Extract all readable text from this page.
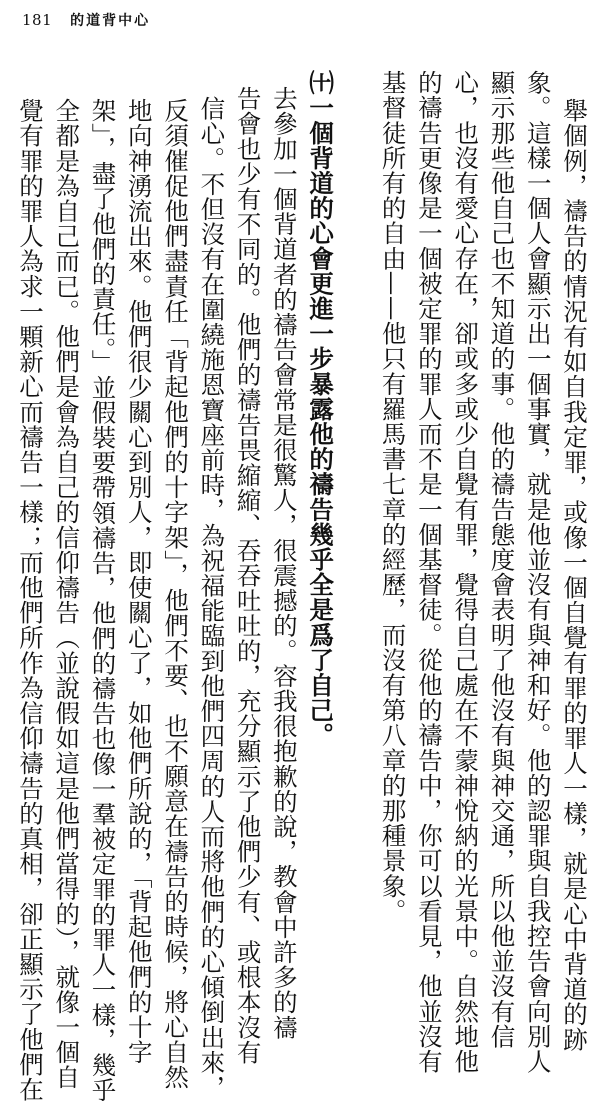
181 的道背中心
舉個例，禱告的情況有如自我定罪，或像一個自覺有罪的罪人一樣，就是心中背道的跡
象。這樣一個人會顯示出一個事實，就是他並沒有與神和好。他的認罪與自我控告會向別人
顯示那些他自己也不知道的事。他的禱告態度會表明了他沒有與神交通，所以他並沒有信
心，也沒有愛心存在，卻或多或少自覺有罪，覺得自己處在不蒙神悅納的光景中。自然地他
的禱告更像是一個被定罪的罪人而不是一個基督徒。從他的禱告中，你可以看見，他並沒有
基督徒所有的自由——他只有羅馬書七章的經歷，而沒有第八章的那種景象。
㈩一個背道的心會更進一步暴露他的禱告幾乎全是爲了自己。
去參加一個背道者的禱告會常是很驚人，很震撼的。容我很抱歉的說，教會中許多的禱
告會也少有不同的。他們的禱告畏縮縮、吞吞吐吐的，充分顯示了他們少有、或根本沒有
信心。不但沒有在圍繞施恩寶座前時，為祝福能臨到他們四周的人而將他們的心傾倒出來，
反須催促他們盡責任「背起他們的十字架」，他們不要、也不願意在禱告的時候，將心自然
地向神湧流出來。他們很少關心到別人，即使關心了，如他們所說的，「背起他們的十字
架」，盡了他們的責任。」並假裝要帶領禱告，他們的禱告也像一羣被定罪的罪人一樣，幾乎
全都是為自己而已。他們是會為自己的信仰禱告（並說假如這是他們當得的），就像一個自
覺有罪的罪人為求一顆新心而禱告一樣；而他們所作為信仰禱告的真相，卻正顯示了他們在
